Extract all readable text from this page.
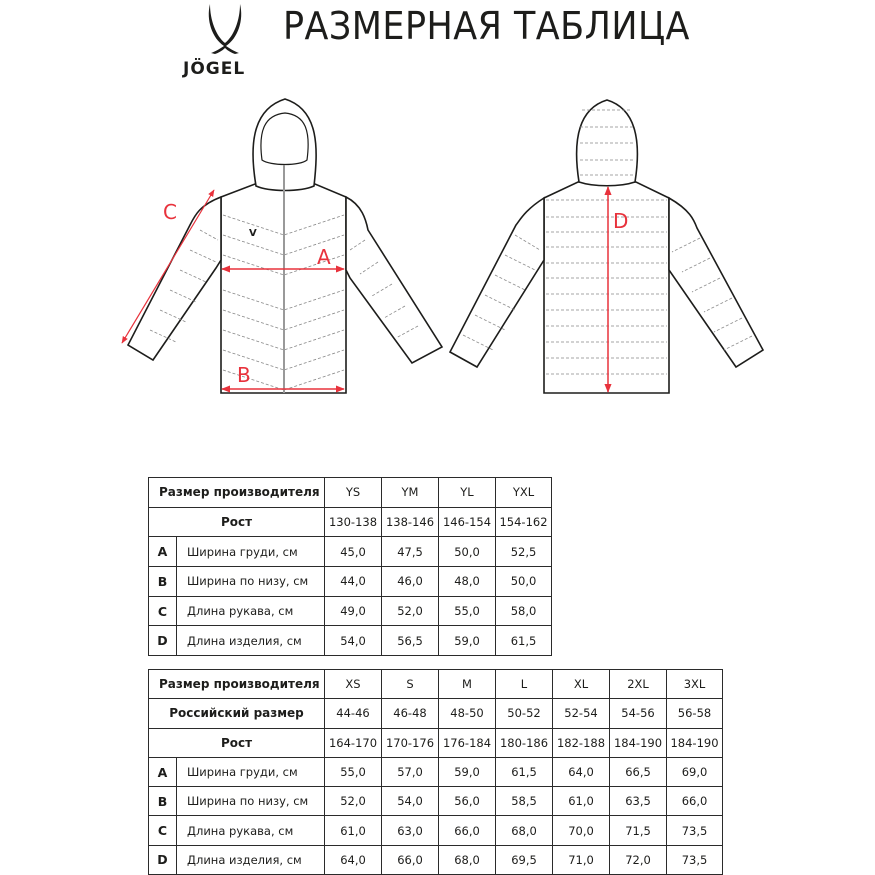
JÖGEL
РАЗМЕРНАЯ ТАБЛИЦА
V
A
B
C	D
Размер производителя		YS	YM	YL	YXL
Рост		130-138	138-146	146-154	154-162
A	Ширина груди, см	45,0	47,5	50,0	52,5
B	Ширина по низу, см	44,0	46,0	48,0	50,0
C	Длина рукава, см	49,0	52,0	55,0	58,0
D	Длина изделия, см	54,0	56,5	59,0	61,5
Размер производителя		XS	S	M	L	XL	2XL	3XL
Российский размер		44-46	46-48	48-50	50-52	52-54	54-56	56-58
Рост		164-170	170-176	176-184	180-186	182-188	184-190	184-190
A	Ширина груди, см	55,0	57,0	59,0	61,5	64,0	66,5	69,0
B	Ширина по низу, см	52,0	54,0	56,0	58,5	61,0	63,5	66,0
C	Длина рукава, см	61,0	63,0	66,0	68,0	70,0	71,5	73,5
D	Длина изделия, см	64,0	66,0	68,0	69,5	71,0	72,0	73,5
